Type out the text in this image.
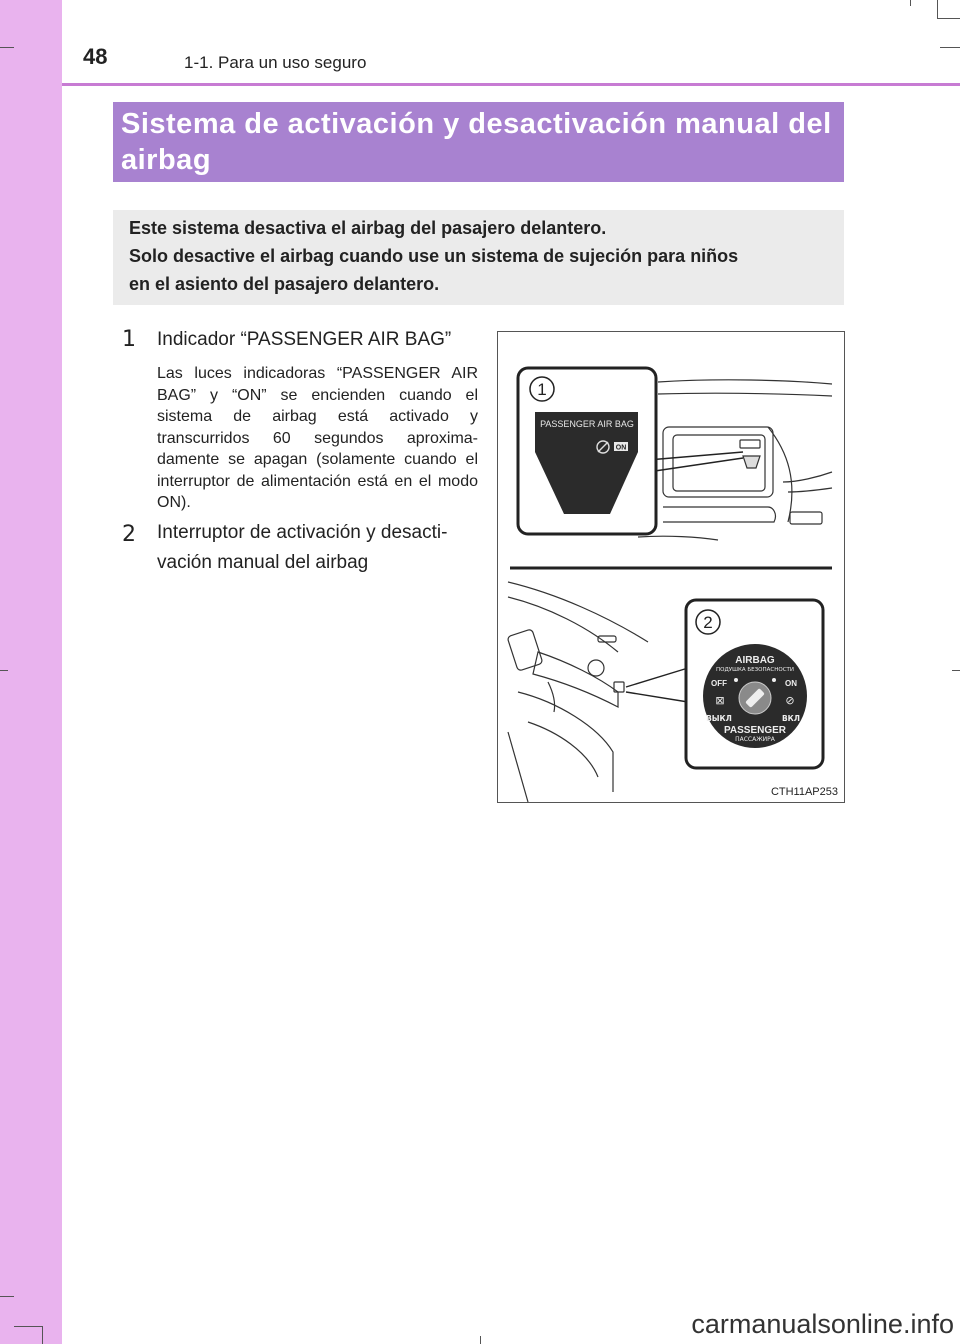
48	1-1. Para un uso seguro
Sistema de activación y desactivación manual del airbag
Este sistema desactiva el airbag del pasajero delantero.
Solo desactive el airbag cuando use un sistema de sujeción para niños
en el asiento del pasajero delantero.
1 Indicador “PASSENGER AIR BAG”
Las luces indicadoras “PASSENGER AIR BAG” y “ON” se encienden cuando el sistema de airbag está activado y transcurridos 60 segundos aproxima-damente se apagan (solamente cuando el interruptor de alimentación está en el modo ON).
2 Interruptor de activación y desacti-
vación manual del airbag
1
PASSENGER AIR BAG
ON
2
AIRBAG
ПОДУШКА БЕЗОПАСНОСТИ
OFF	ON
⊠	⊘
ВЫКЛ	ВКЛ
PASSENGER
ПАССАЖИРА
CTH11AP253
carmanualsonline.info
